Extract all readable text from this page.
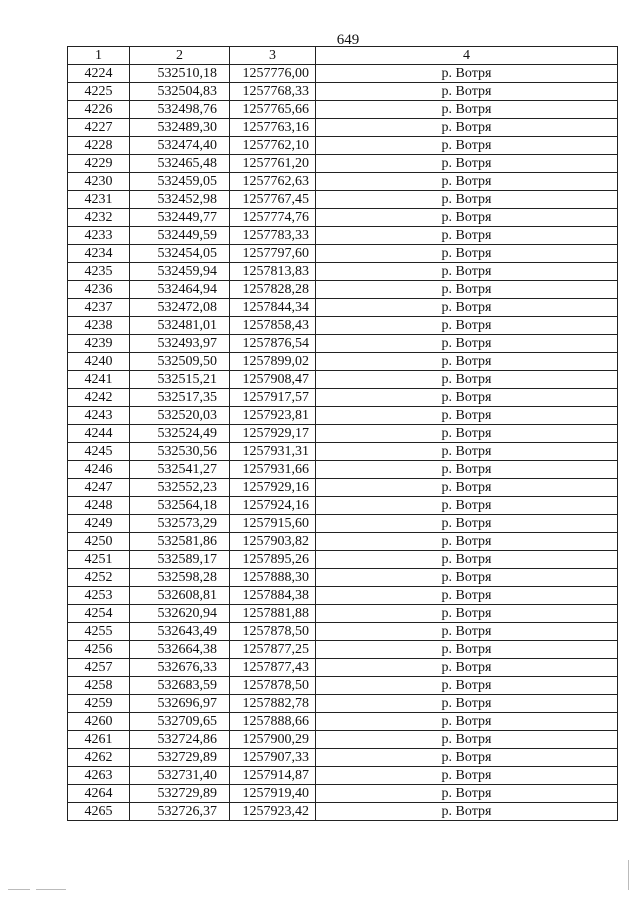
649
1	2	3	4
4224	532510,18	1257776,00	р. Вотря
4225	532504,83	1257768,33	р. Вотря
4226	532498,76	1257765,66	р. Вотря
4227	532489,30	1257763,16	р. Вотря
4228	532474,40	1257762,10	р. Вотря
4229	532465,48	1257761,20	р. Вотря
4230	532459,05	1257762,63	р. Вотря
4231	532452,98	1257767,45	р. Вотря
4232	532449,77	1257774,76	р. Вотря
4233	532449,59	1257783,33	р. Вотря
4234	532454,05	1257797,60	р. Вотря
4235	532459,94	1257813,83	р. Вотря
4236	532464,94	1257828,28	р. Вотря
4237	532472,08	1257844,34	р. Вотря
4238	532481,01	1257858,43	р. Вотря
4239	532493,97	1257876,54	р. Вотря
4240	532509,50	1257899,02	р. Вотря
4241	532515,21	1257908,47	р. Вотря
4242	532517,35	1257917,57	р. Вотря
4243	532520,03	1257923,81	р. Вотря
4244	532524,49	1257929,17	р. Вотря
4245	532530,56	1257931,31	р. Вотря
4246	532541,27	1257931,66	р. Вотря
4247	532552,23	1257929,16	р. Вотря
4248	532564,18	1257924,16	р. Вотря
4249	532573,29	1257915,60	р. Вотря
4250	532581,86	1257903,82	р. Вотря
4251	532589,17	1257895,26	р. Вотря
4252	532598,28	1257888,30	р. Вотря
4253	532608,81	1257884,38	р. Вотря
4254	532620,94	1257881,88	р. Вотря
4255	532643,49	1257878,50	р. Вотря
4256	532664,38	1257877,25	р. Вотря
4257	532676,33	1257877,43	р. Вотря
4258	532683,59	1257878,50	р. Вотря
4259	532696,97	1257882,78	р. Вотря
4260	532709,65	1257888,66	р. Вотря
4261	532724,86	1257900,29	р. Вотря
4262	532729,89	1257907,33	р. Вотря
4263	532731,40	1257914,87	р. Вотря
4264	532729,89	1257919,40	р. Вотря
4265	532726,37	1257923,42	р. Вотря
